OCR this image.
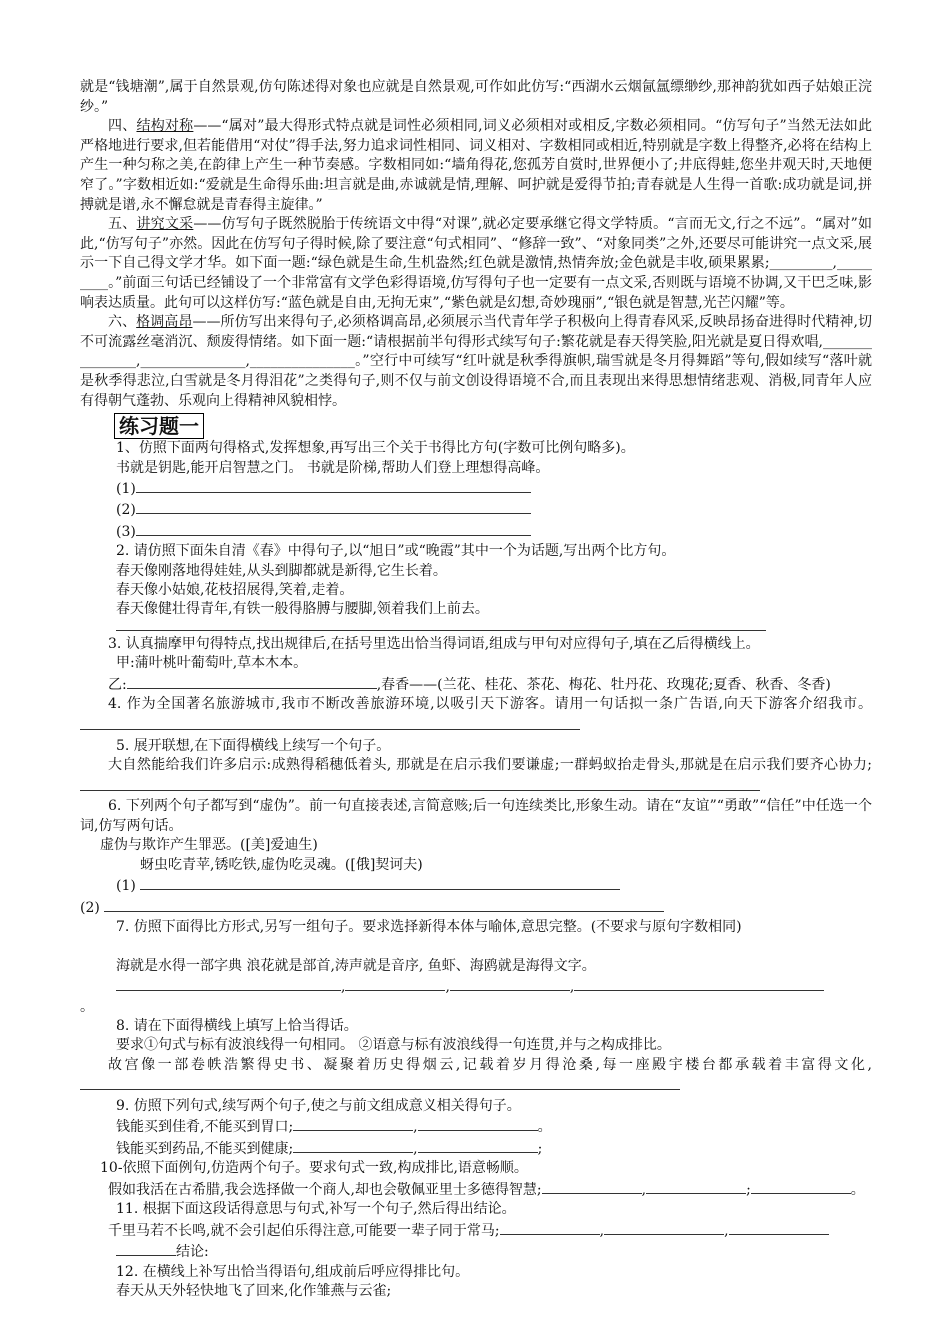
就是“钱塘潮”,属于自然景观,仿句陈述得对象也应就是自然景观,可作如此仿写:“西湖水云烟氤氲缥缈纱,那神韵犹如西子姑娘正浣纱。”

四、结构对称——“属对”最大得形式特点就是词性必须相同,词义必须相对或相反,字数必须相同。“仿写句子”当然无法如此严格地进行要求,但若能借用“对仗”得手法,努力追求词性相同、词义相对、字数相同或相近,特别就是字数上得整齐,必将在结构上产生一种匀称之美,在韵律上产生一种节奏感。字数相同如:“墙角得花,您孤芳自赏时,世界便小了;井底得蛙,您坐井观天时,天地便窄了。”字数相近如:“爱就是生命得乐曲:坦言就是曲,赤诚就是情,理解、呵护就是爱得节拍;青春就是人生得一首歌:成功就是词,拼搏就是谱,永不懈怠就是青春得主旋律。”

五、讲究文采——仿写句子既然脱胎于传统语文中得“对课”,就必定要承继它得文学特质。“言而无文,行之不远”。“属对”如此,“仿写句子”亦然。因此在仿写句子得时候,除了要注意“句式相同”、“修辞一致”、“对象同类”之外,还要尽可能讲究一点文采,展示一下自己得文学才华。如下面一题:“绿色就是生命,生机盎然;红色就是激情,热情奔放;金色就是丰收,硕果累累;_________,_________。”前面三句话已经铺设了一个非常富有文学色彩得语境,仿写得句子也一定要有一点文采,否则既与语境不协调,又干巴乏味,影响表达质量。此句可以这样仿写:“蓝色就是自由,无拘无束”,“紫色就是幻想,奇妙瑰丽”,“银色就是智慧,光芒闪耀”等。

六、格调高昂——所仿写出来得句子,必须格调高昂,必须展示当代青年学子积极向上得青春风采,反映昂扬奋进得时代精神,切不可流露丝毫消沉、颓废得情绪。如下面一题:“请根据前半句得形式续写句子:繁花就是春天得笑脸,阳光就是夏日得欢唱,_______________,_______________,_______________。”空行中可续写“红叶就是秋季得旗帜,瑞雪就是冬月得舞蹈”等句,假如续写“落叶就是秋季得悲泣,白雪就是冬月得泪花”之类得句子,则不仅与前文创设得语境不合,而且表现出来得思想情绪悲观、消极,同青年人应有得朝气蓬勃、乐观向上得精神风貌相悖。

练习题一

1、仿照下面两句得格式,发挥想象,再写出三个关于书得比方句(字数可比例句略多)。

书就是钥匙,能开启智慧之门。 书就是阶梯,帮助人们登上理想得高峰。

(1)

(2)

(3)

2. 请仿照下面朱自清《春》中得句子,以“旭日”或“晚霞”其中一个为话题,写出两个比方句。

春天像刚落地得娃娃,从头到脚都就是新得,它生长着。

春天像小姑娘,花枝招展得,笑着,走着。

春天像健壮得青年,有铁一般得胳膊与腰脚,领着我们上前去。

3. 认真揣摩甲句得特点,找出规律后,在括号里选出恰当得词语,组成与甲句对应得句子,填在乙后得横线上。

甲:蒲叶桃叶葡萄叶,草本木本。

乙:	,春香——(兰花、桂花、茶花、梅花、牡丹花、玫瑰花;夏香、秋香、冬香)

4. 作为全国著名旅游城市,我市不断改善旅游环境,以吸引天下游客。请用一句话拟一条广告语,向天下游客介绍我市。

5. 展开联想,在下面得横线上续写一个句子。

大自然能给我们许多启示:成熟得稻穗低着头, 那就是在启示我们要谦虚;一群蚂蚁抬走骨头,那就是在启示我们要齐心协力;

6. 下列两个句子都写到“虚伪”。前一句直接表述,言简意赅;后一句连续类比,形象生动。请在“友谊”“勇敢”“信任”中任选一个词,仿写两句话。

虚伪与欺诈产生罪恶。([美]爱迪生)

蚜虫吃青苹,锈吃铁,虚伪吃灵魂。([俄]契诃夫)

(1)

(2)

7. 仿照下面得比方形式,另写一组句子。要求选择新得本体与喻体,意思完整。(不要求与原句字数相同)

海就是水得一部字典 浪花就是部首,涛声就是音序, 鱼虾、海鸥就是海得文字。

,	,	,

。

8. 请在下面得横线上填写上恰当得话。

要求①句式与标有波浪线得一句相同。 ②语意与标有波浪线得一句连贯,并与之构成排比。

故宫像一部卷帙浩繁得史书、凝聚着历史得烟云,记载着岁月得沧桑,每一座殿宇楼台都承载着丰富得文化,

9. 仿照下列句式,续写两个句子,使之与前文组成意义相关得句子。

钱能买到佳肴,不能买到胃口;	,	。

钱能买到药品,不能买到健康;	,	;

10-依照下面例句,仿造两个句子。要求句式一致,构成排比,语意畅顺。

假如我活在古希腊,我会选择做一个商人,却也会敬佩亚里士多德得智慧;	,	;	。

11. 根据下面这段话得意思与句式,补写一个句子,然后得出结论。

千里马若不长鸣,就不会引起伯乐得注意,可能要一辈子同于常马;	,	,

结论:

12. 在横线上补写出恰当得语句,组成前后呼应得排比句。

春天从天外轻快地飞了回来,化作雏燕与云雀;
